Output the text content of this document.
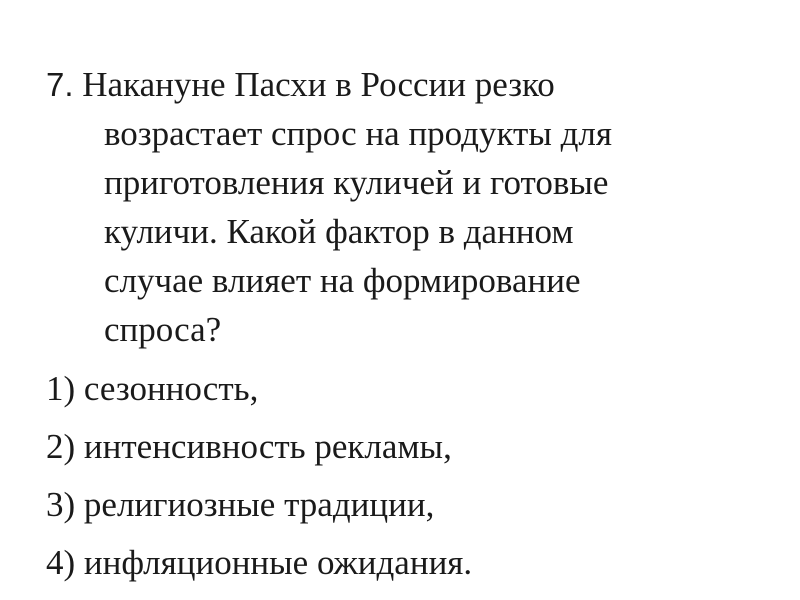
7. Накануне Пасхи в России резко
возрастает спрос на продукты для
приготовления куличей и готовые
куличи. Какой фактор в данном
случае влияет на формирование
спроса?
1) сезонность,
2) интенсивность рекламы,
3) религиозные традиции,
4) инфляционные ожидания.
